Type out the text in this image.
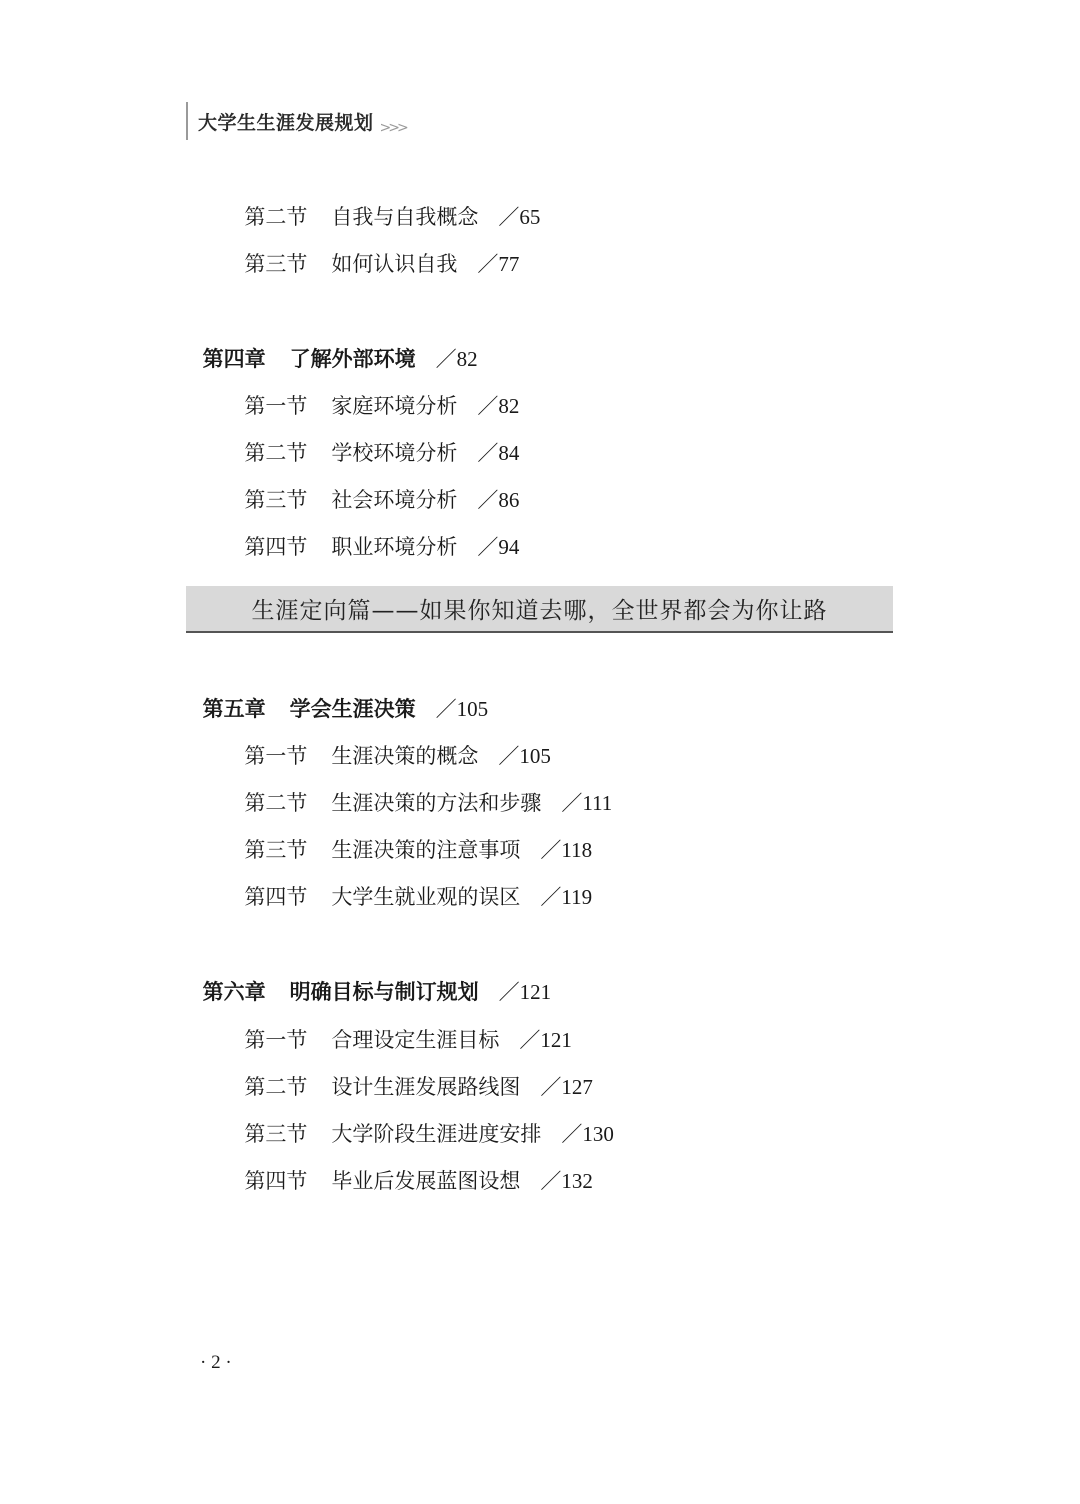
大学生生涯发展规划 >>>

第二节 自我与自我概念 ／65

第三节 如何认识自我 ／77

第四章 了解外部环境 ／82

第一节 家庭环境分析 ／82

第二节 学校环境分析 ／84

第三节 社会环境分析 ／86

第四节 职业环境分析 ／94

生涯定向篇——如果你知道去哪，全世界都会为你让路

第五章 学会生涯决策 ／105

第一节 生涯决策的概念 ／105

第二节 生涯决策的方法和步骤 ／111

第三节 生涯决策的注意事项 ／118

第四节 大学生就业观的误区 ／119

第六章 明确目标与制订规划 ／121

第一节 合理设定生涯目标 ／121

第二节 设计生涯发展路线图 ／127

第三节 大学阶段生涯进度安排 ／130

第四节 毕业后发展蓝图设想 ／132

· 2 ·
